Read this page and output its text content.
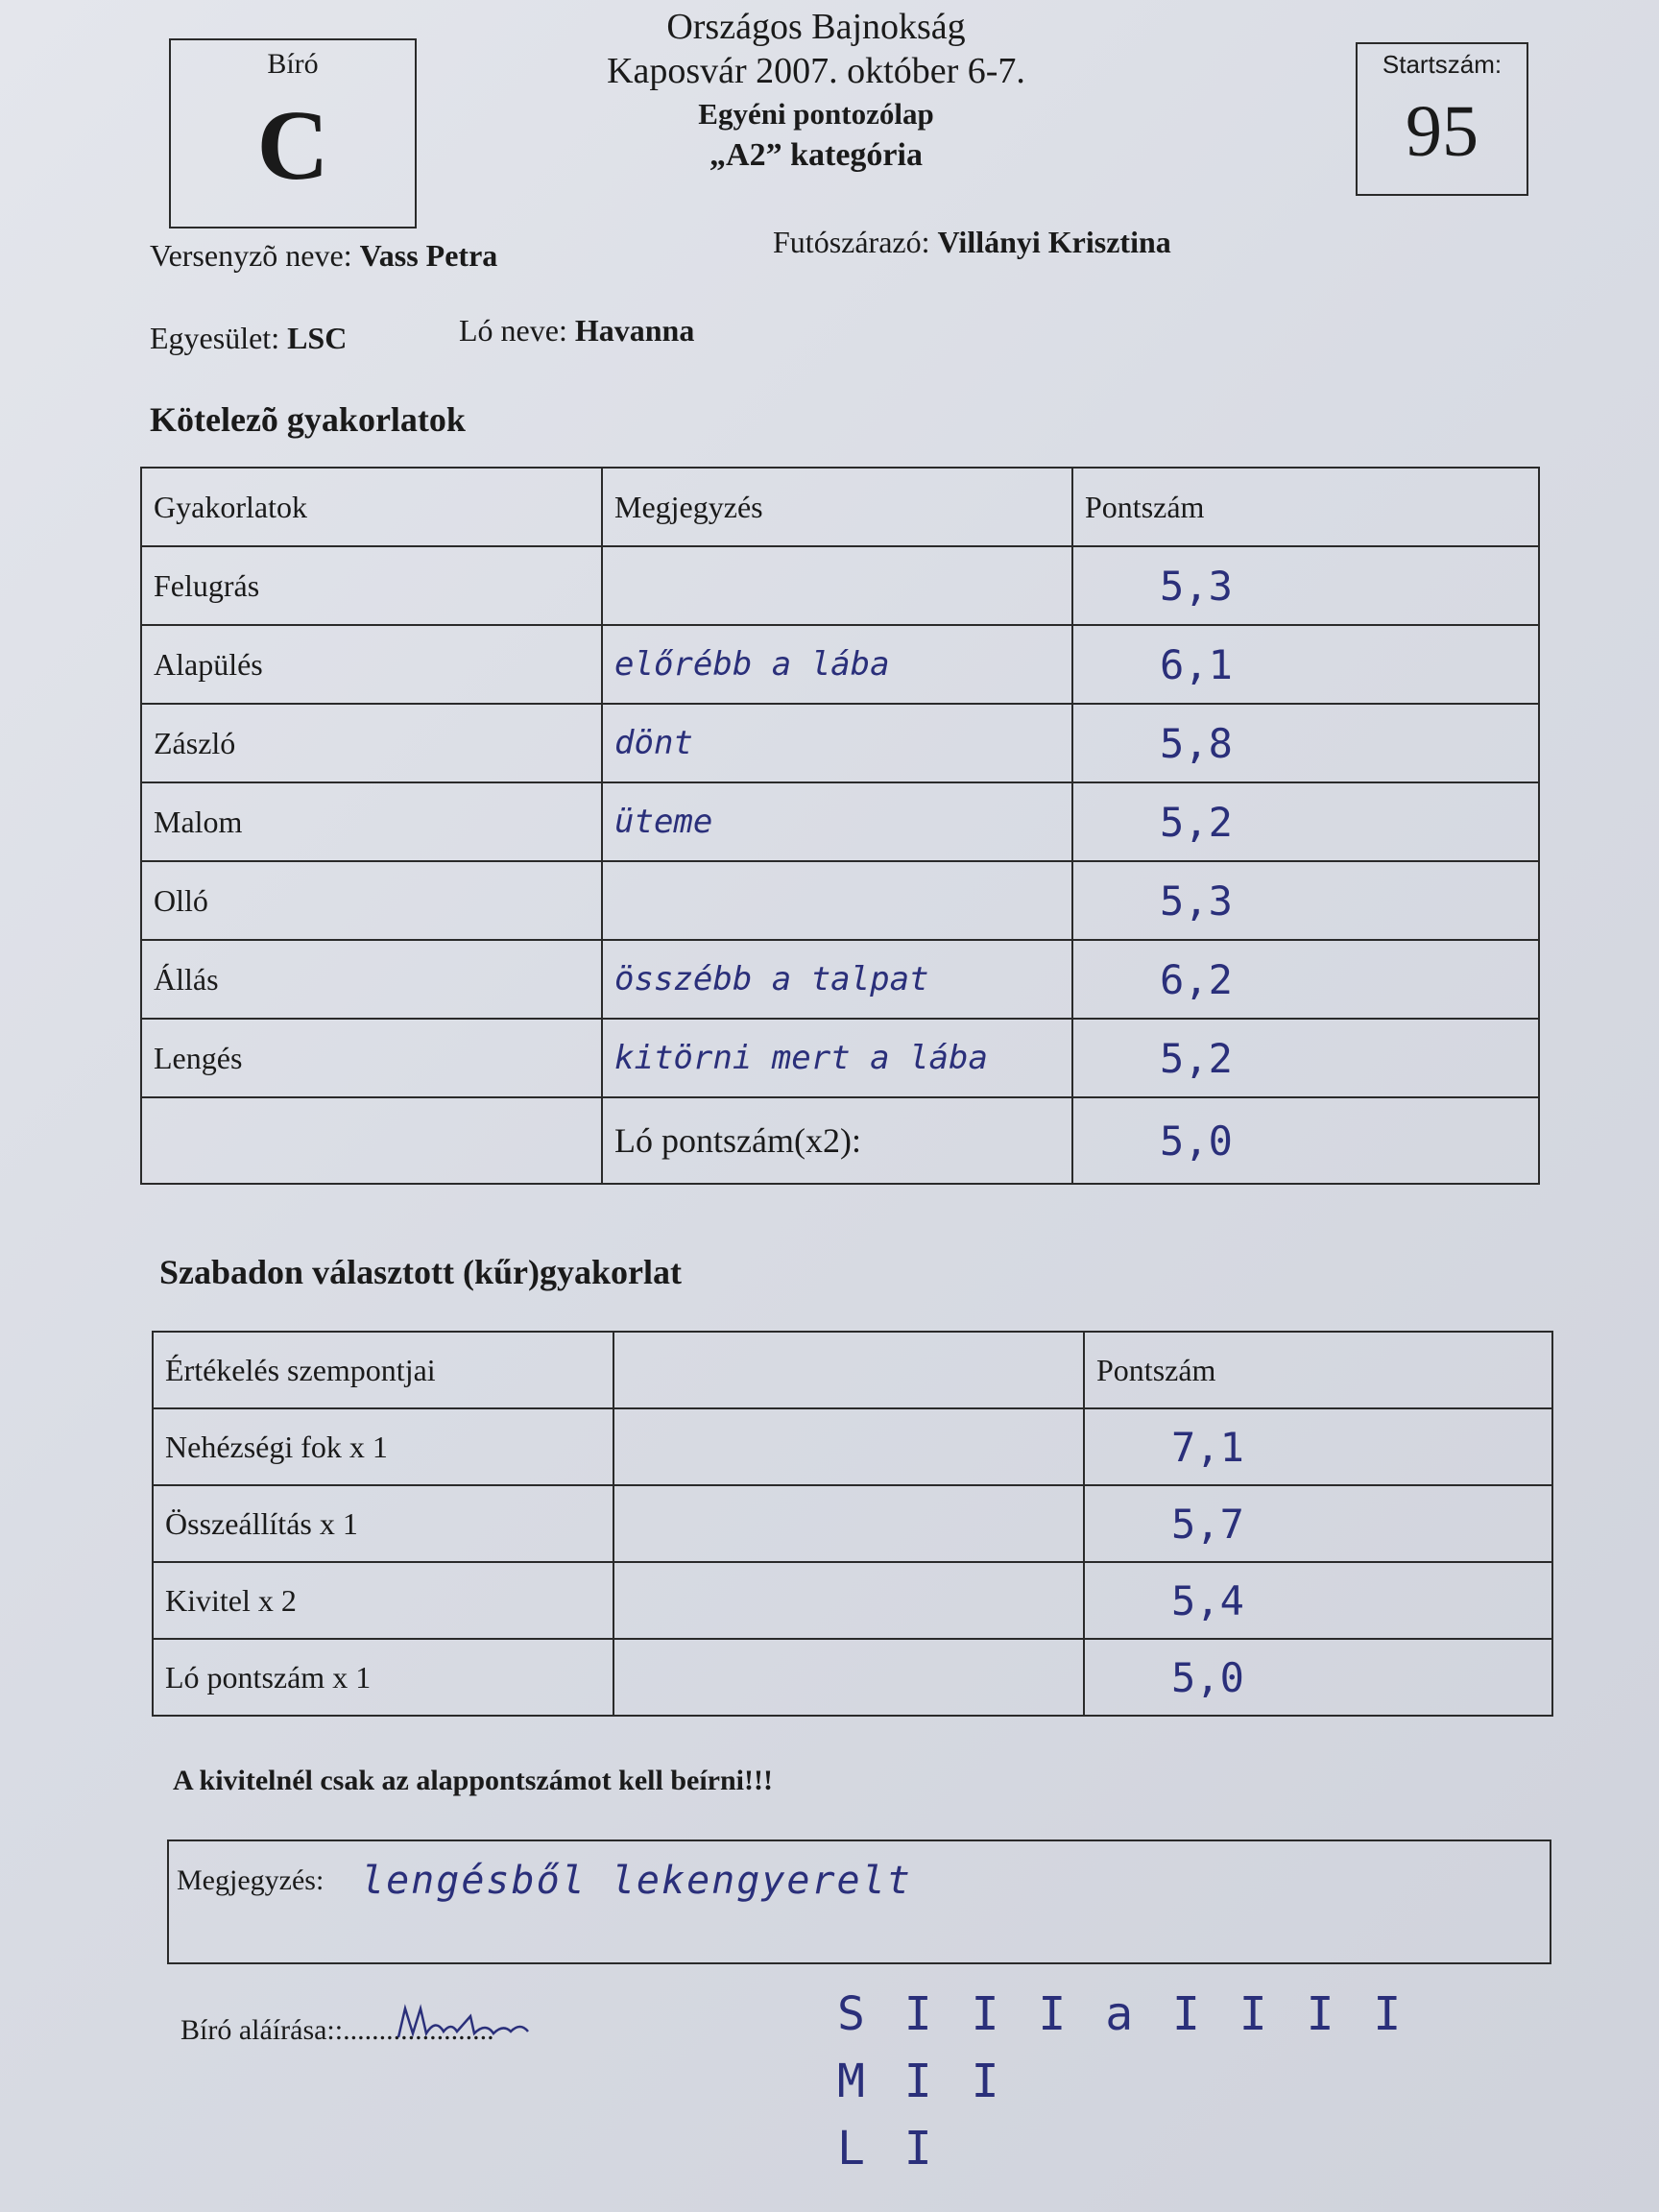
Bíró
C
Országos Bajnokság
Kaposvár 2007. október 6-7.
Egyéni pontozólap
„A2” kategória
Startszám:
95
Versenyzõ neve: Vass Petra	Futószárazó: Villányi Krisztina
Egyesület: LSC	Ló neve: Havanna
Kötelezõ gyakorlatok
Gyakorlatok	Megjegyzés	Pontszám
Felugrás		5,3
Alapülés	előrébb a lába	6,1
Zászló	dönt	5,8
Malom	üteme	5,2
Olló		5,3
Állás	összébb a talpat	6,2
Lengés	kitörni mert a lába	5,2
	Ló pontszám(x2):	5,0
Szabadon választott (kűr)gyakorlat
Értékelés szempontjai		Pontszám
Nehézségi fok x 1		7,1
Összeállítás x 1		5,7
Kivitel x 2		5,4
Ló pontszám x 1		5,0
A kivitelnél csak az alappontszámot kell beírni!!!
Megjegyzés: lengésből lekengyerelt
Bíró aláírása::.....................	S I I I a I I I I
M I I
L I
